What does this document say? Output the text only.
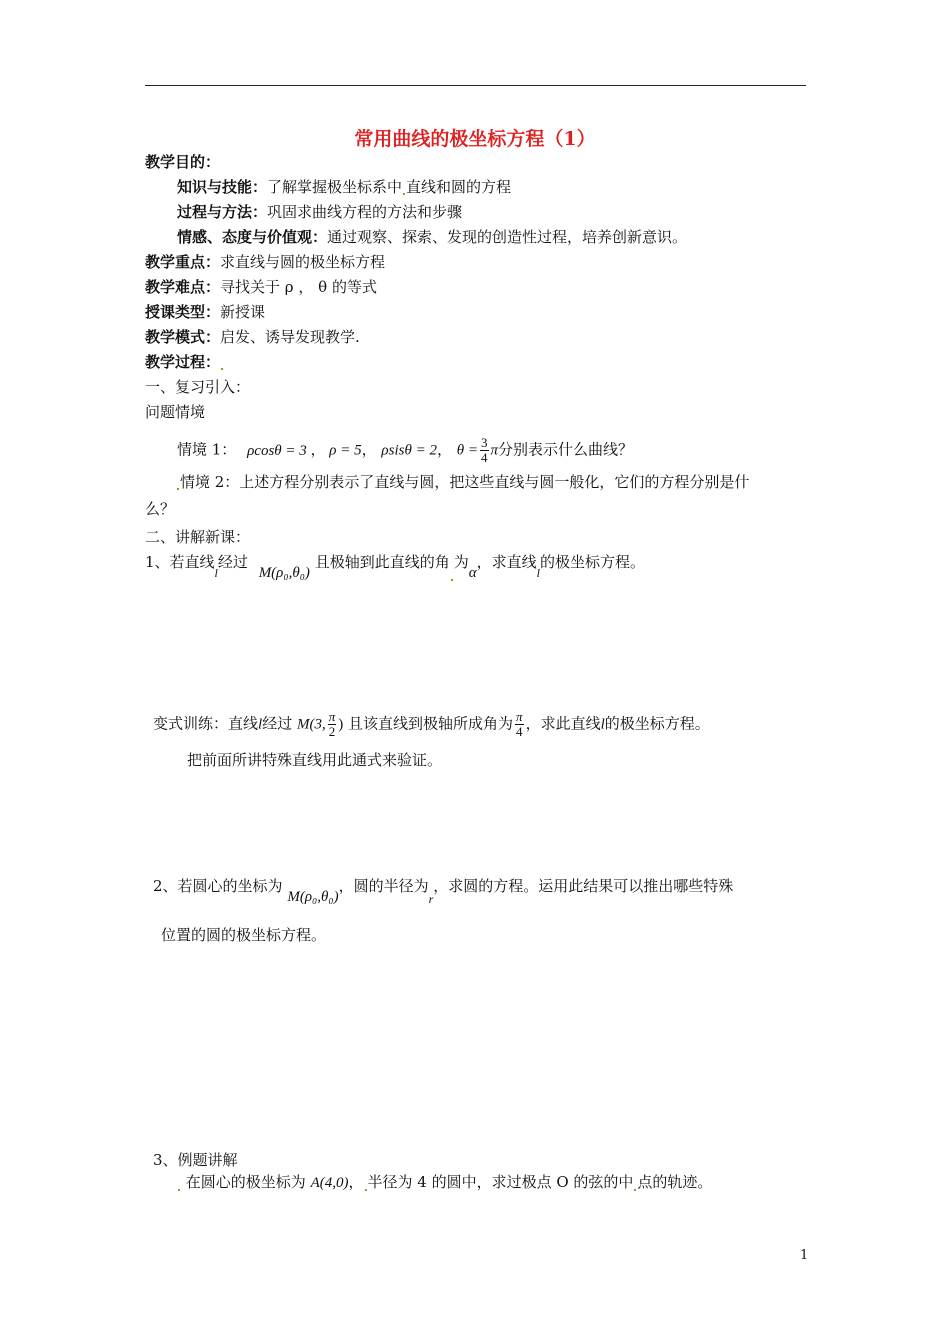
常用曲线的极坐标方程（1）
教学目的：
知识与技能：了解掌握极坐标系中 直线和圆的方程
过程与方法：巩固求曲线方程的方法和步骤
情感、态度与价值观：通过观察、探索、发现的创造性过程，培养创新意识。
教学重点：求直线与圆的极坐标方程
教学难点：寻找关于 ρ ， θ 的等式
授课类型：新授课
教学模式：启发、诱导发现教学.
教学过程：
一、复习引入：
问题情境
情境 1： ρcosθ = 3 ， ρ = 5， ρsisθ = 2， $\theta = \frac{3}{4}$ π分别表示什么曲线？
情境 2：上述方程分别表示了直线与圆，把这些直线与圆一般化，它们的方程分别是什
么？
二、讲解新课：
1、若直线$_l$经过 M(ρ₀,θ₀) 且极轴到此直线的角 为α，求直线$_l$的极坐标方程。
变式训练：直线l经过 M(3, $\frac{\pi}{2}$ ) 且该直线到极轴所成角为 $\frac{\pi}{4}$ ，求此直线l的极坐标方程。
把前面所讲特殊直线用此通式来验证。
2、若圆心的坐标为 M(ρ₀,θ₀)，圆的半径为$_r$，求圆的方程。运用此结果可以推出哪些特殊
位置的圆的极坐标方程。
3、例题讲解
在圆心的极坐标为 A(4,0)， 半径为 4 的圆中，求过极点 O 的弦的中 点的轨迹。
1
